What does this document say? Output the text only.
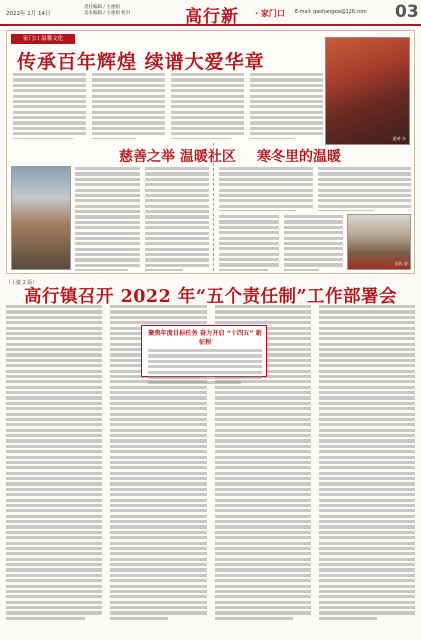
2022年 1月 14日
责任编辑 / 王惠娟
美术编辑 / 王惠娟 校对	高行新 · 家门口 E-mail: gaohangxw@126.com 03
家门口 温馨文化
传承百年辉煌 续谱大爱华章
慈善 东
慈善之举 温暖社区 寒冬里的温暖
居民 安
（上接 2 版）
高行镇召开 2022 年“五个责任制”工作部署会
聚焦年度目标任务 奋力开启 “十四五” 新征程
